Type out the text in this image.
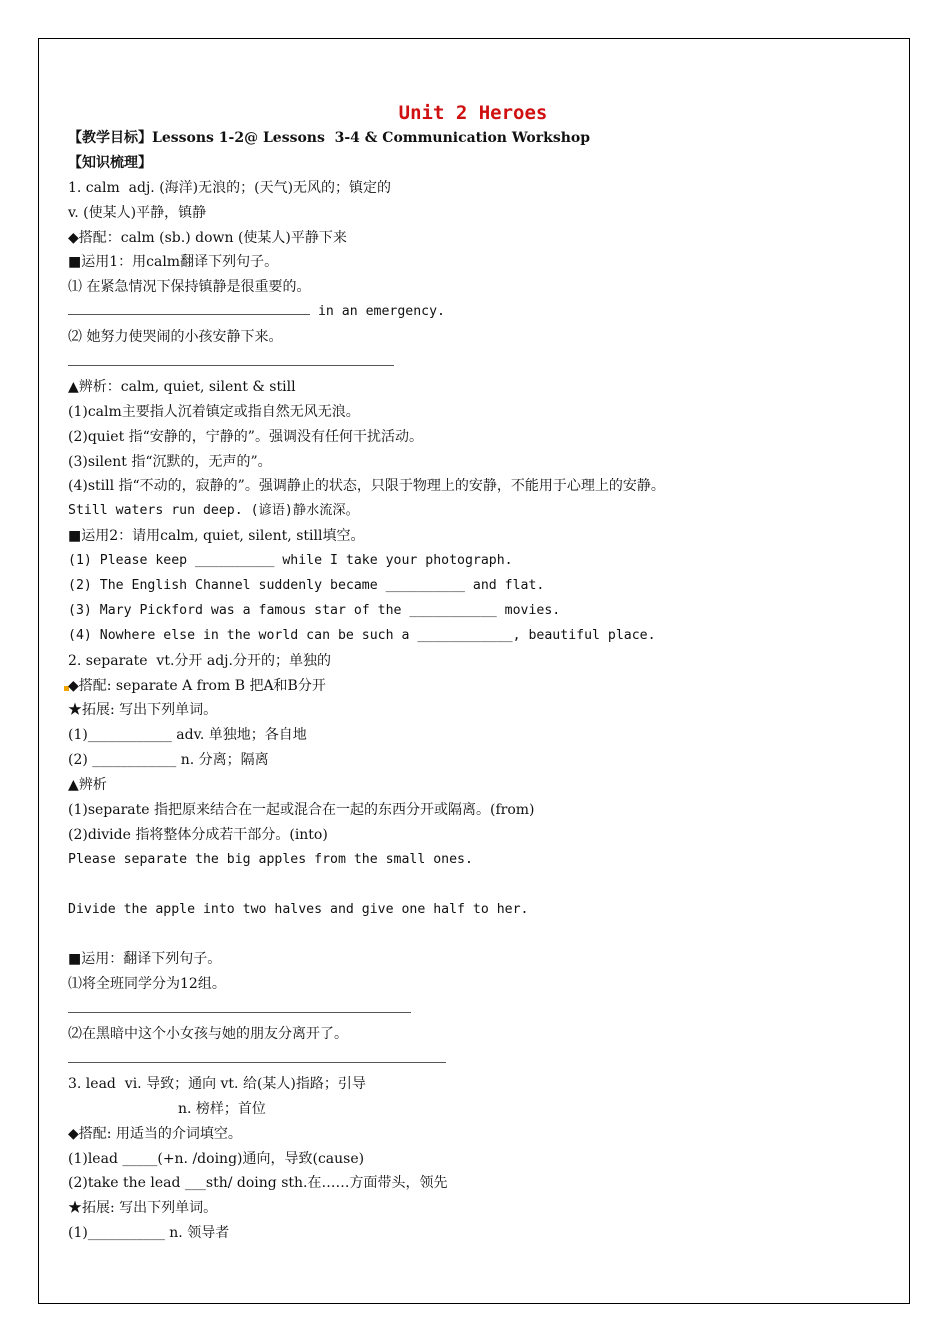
Unit 2 Heroes
【教学目标】Lessons 1-2@ Lessons  3-4 & Communication Workshop
【知识梳理】
1. calm  adj. (海洋)无浪的；(天气)无风的；镇定的
v. (使某人)平静，镇静
◆搭配：calm (sb.) down (使某人)平静下来
■运用1：用calm翻译下列句子。
⑴ 在紧急情况下保持镇静是很重要的。
in an emergency.
⑵ 她努力使哭闹的小孩安静下来。
▲辨析：calm, quiet, silent & still
(1)calm主要指人沉着镇定或指自然无风无浪。
(2)quiet 指“安静的，宁静的”。强调没有任何干扰活动。
(3)silent 指“沉默的，无声的”。
(4)still 指“不动的，寂静的”。强调静止的状态，只限于物理上的安静，不能用于心理上的安静。
Still waters run deep. (谚语)静水流深。
■运用2：请用calm, quiet, silent, still填空。
(1) Please keep __________ while I take your photograph.
(2) The English Channel suddenly became __________ and flat.
(3) Mary Pickford was a famous star of the ___________ movies.
(4) Nowhere else in the world can be such a ____________, beautiful place.
2. separate  vt.分开 adj.分开的；单独的
◆搭配: separate A from B 把A和B分开
★拓展: 写出下列单词。
(1)____________ adv. 单独地；各自地
(2) ____________ n. 分离；隔离
▲辨析
(1)separate 指把原来结合在一起或混合在一起的东西分开或隔离。(from)
(2)divide 指将整体分成若干部分。(into)
Please separate the big apples from the small ones.
Divide the apple into two halves and give one half to her.
■运用：翻译下列句子。
⑴将全班同学分为12组。
⑵在黑暗中这个小女孩与她的朋友分离开了。
3. lead  vi. 导致；通向 vt. 给(某人)指路；引导
n. 榜样；首位
◆搭配: 用适当的介词填空。
(1)lead _____(+n. /doing)通向，导致(cause)
(2)take the lead ___sth/ doing sth.在……方面带头，领先
★拓展: 写出下列单词。
(1)___________ n. 领导者
